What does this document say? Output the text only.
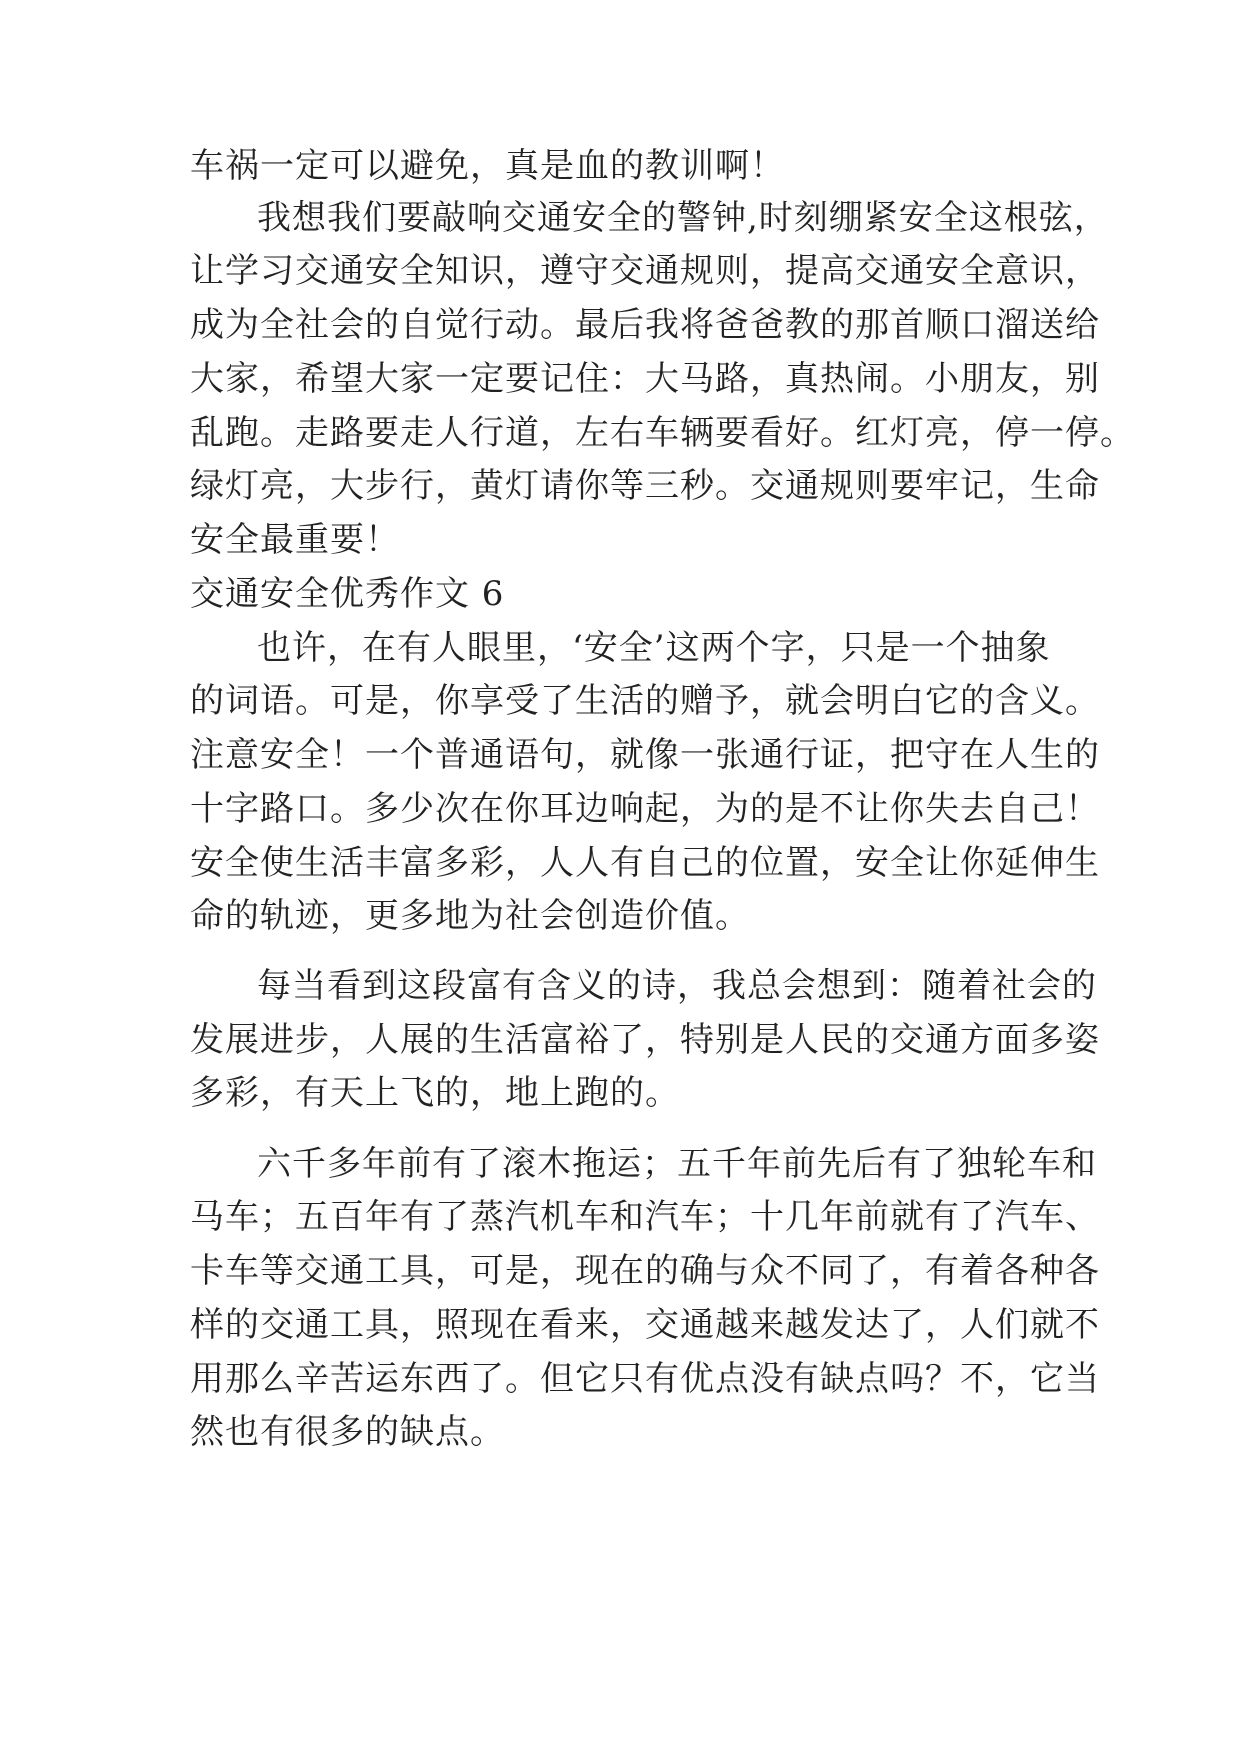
车祸一定可以避免，真是血的教训啊！
我想我们要敲响交通安全的警钟,时刻绷紧安全这根弦，
让学习交通安全知识，遵守交通规则，提高交通安全意识，
成为全社会的自觉行动。最后我将爸爸教的那首顺口溜送给
大家，希望大家一定要记住：大马路，真热闹。小朋友，别
乱跑。走路要走人行道，左右车辆要看好。红灯亮，停一停。
绿灯亮，大步行，黄灯请你等三秒。交通规则要牢记，生命
安全最重要！
交通安全优秀作文 6
也许，在有人眼里，‘安全’这两个字，只是一个抽象
的词语。可是，你享受了生活的赠予，就会明白它的含义。
注意安全！一个普通语句，就像一张通行证，把守在人生的
十字路口。多少次在你耳边响起，为的是不让你失去自己！
安全使生活丰富多彩，人人有自己的位置，安全让你延伸生
命的轨迹，更多地为社会创造价值。
每当看到这段富有含义的诗，我总会想到：随着社会的
发展进步，人展的生活富裕了，特别是人民的交通方面多姿
多彩，有天上飞的，地上跑的。
六千多年前有了滚木拖运；五千年前先后有了独轮车和
马车；五百年有了蒸汽机车和汽车；十几年前就有了汽车、
卡车等交通工具，可是，现在的确与众不同了，有着各种各
样的交通工具，照现在看来，交通越来越发达了，人们就不
用那么辛苦运东西了。但它只有优点没有缺点吗？不，它当
然也有很多的缺点。
